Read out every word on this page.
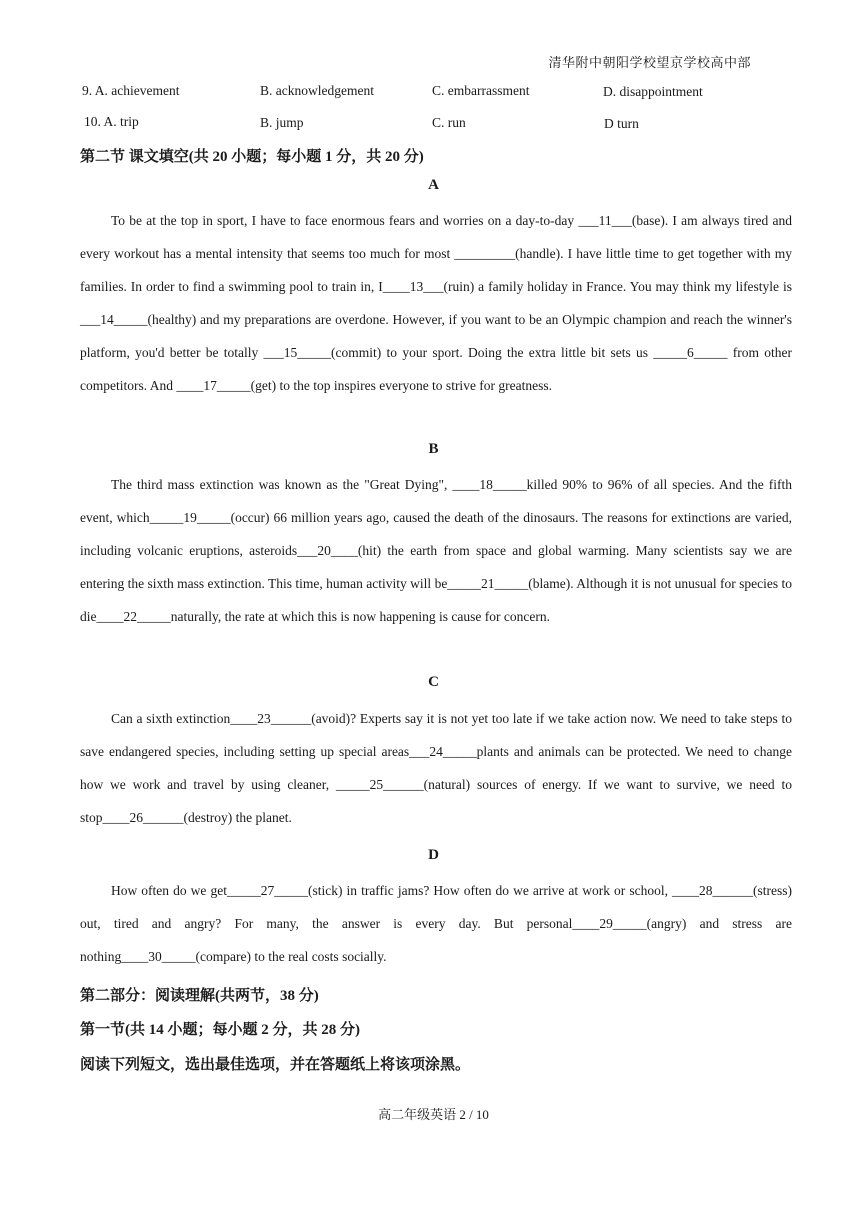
清华附中朝阳学校望京学校高中部
9. A. achievement	B. acknowledgement	C. embarrassment	D. disappointment
10. A. trip	B. jump	C. run	D turn
第二节 课文填空(共 20 小题；每小题 1 分，共 20 分)
A

To be at the top in sport, I have to face enormous fears and worries on a day-to-day ___11___(base). I am always tired and every workout has a mental intensity that seems too much for most _________(handle). I have little time to get together with my families. In order to find a swimming pool to train in, I____13___(ruin) a family holiday in France. You may think my lifestyle is ___14_____(healthy) and my preparations are overdone. However, if you want to be an Olympic champion and reach the winner's platform, you'd better be totally ___15_____(commit) to your sport. Doing the extra little bit sets us _____6_____ from other competitors. And ____17_____(get) to the top inspires everyone to strive for greatness.

B

The third mass extinction was known as the "Great Dying", ____18_____killed 90% to 96% of all species. And the fifth event, which_____19_____(occur) 66 million years ago, caused the death of the dinosaurs. The reasons for extinctions are varied, including volcanic eruptions, asteroids___20____(hit) the earth from space and global warming. Many scientists say we are entering the sixth mass extinction. This time, human activity will be_____21_____(blame). Although it is not unusual for species to die____22_____naturally, the rate at which this is now happening is cause for concern.

C

Can a sixth extinction____23______(avoid)? Experts say it is not yet too late if we take action now. We need to take steps to save endangered species, including setting up special areas___24_____plants and animals can be protected. We need to change how we work and travel by using cleaner, _____25______(natural) sources of energy. If we want to survive, we need to stop____26______(destroy) the planet.

D

How often do we get_____27_____(stick) in traffic jams? How often do we arrive at work or school, ____28______(stress) out, tired and angry? For many, the answer is every day. But personal____29_____(angry) and stress are nothing____30_____(compare) to the real costs socially.

第二部分：阅读理解(共两节，38 分)
第一节(共 14 小题；每小题 2 分，共 28 分)
阅读下列短文，选出最佳选项，并在答题纸上将该项涂黑。
高二年级英语 2 / 10
